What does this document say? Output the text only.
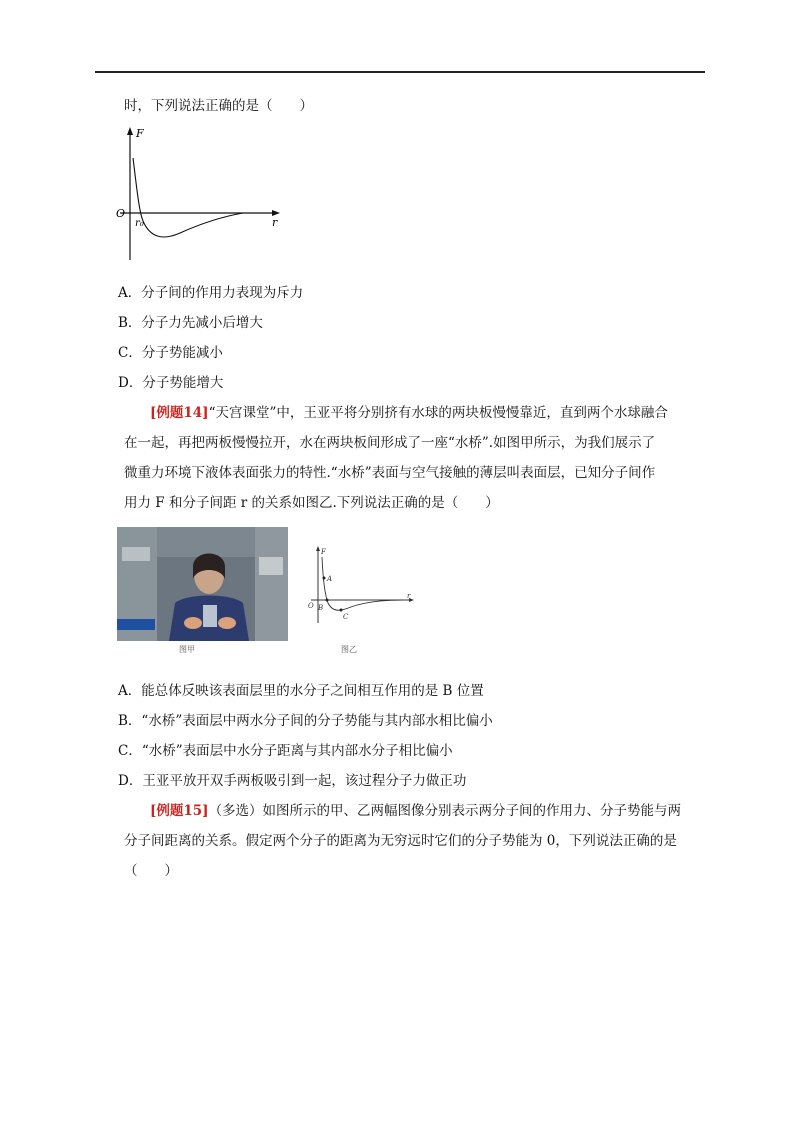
时，下列说法正确的是（　　）
F
r
O
r₀
A．分子间的作用力表现为斥力
B．分子力先减小后增大
C．分子势能减小
D．分子势能增大
[例题14]“天宫课堂”中，王亚平将分别挤有水球的两块板慢慢靠近，直到两个水球融合
在一起，再把两板慢慢拉开，水在两块板间形成了一座“水桥”.如图甲所示，为我们展示了
微重力环境下液体表面张力的特性.“水桥”表面与空气接触的薄层叫表面层，已知分子间作
用力 F 和分子间距 r 的关系如图乙.下列说法正确的是（　　）
图甲
F
r
O
A
B
C
图乙
A．能总体反映该表面层里的水分子之间相互作用的是 B 位置
B．“水桥”表面层中两水分子间的分子势能与其内部水相比偏小
C．“水桥”表面层中水分子距离与其内部水分子相比偏小
D．王亚平放开双手两板吸引到一起，该过程分子力做正功
[例题15]（多选）如图所示的甲、乙两幅图像分别表示两分子间的作用力、分子势能与两
分子间距离的关系。假定两个分子的距离为无穷远时它们的分子势能为 0，下列说法正确的是
（　　）
